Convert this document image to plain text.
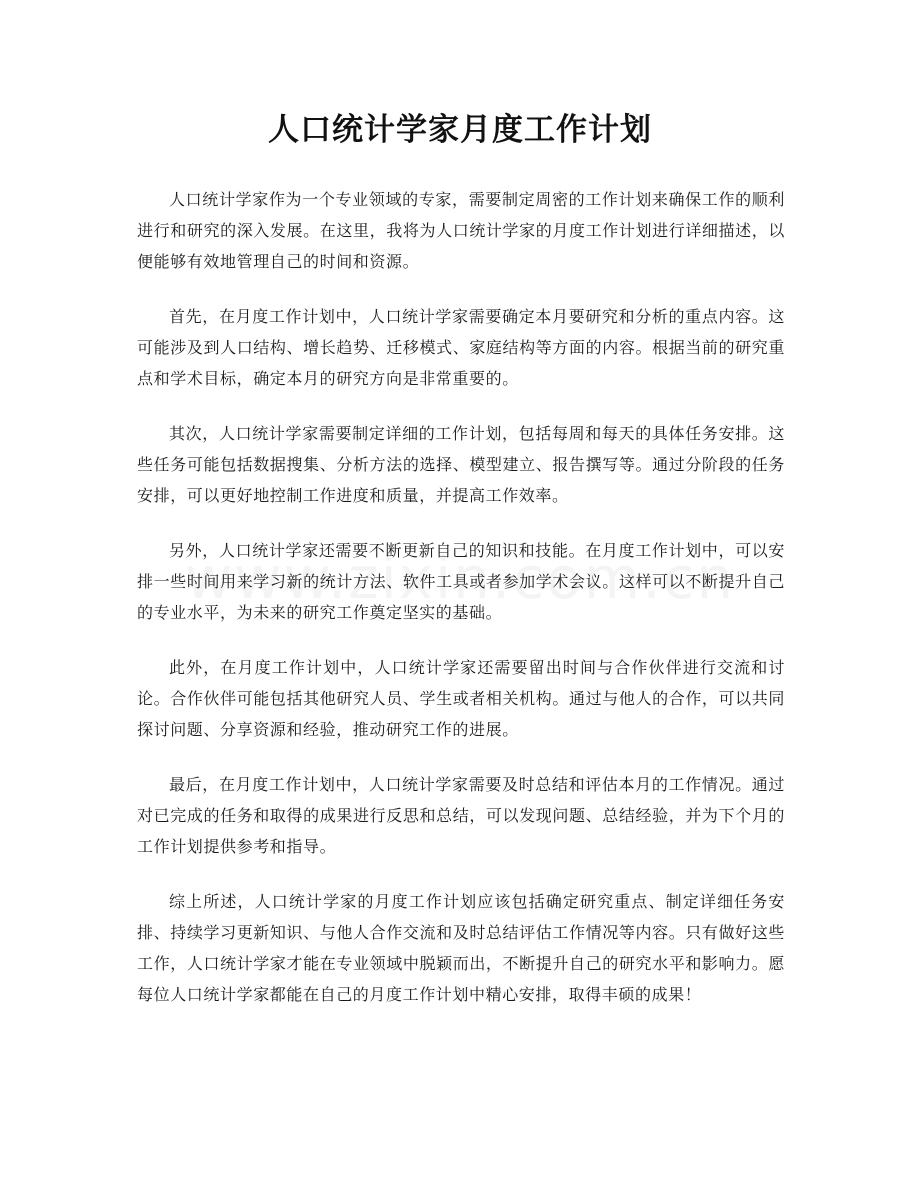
人口统计学家月度工作计划

人口统计学家作为一个专业领域的专家，需要制定周密的工作计划来确保工作的顺利进行和研究的深入发展。在这里，我将为人口统计学家的月度工作计划进行详细描述，以便能够有效地管理自己的时间和资源。

首先，在月度工作计划中，人口统计学家需要确定本月要研究和分析的重点内容。这可能涉及到人口结构、增长趋势、迁移模式、家庭结构等方面的内容。根据当前的研究重点和学术目标，确定本月的研究方向是非常重要的。

其次，人口统计学家需要制定详细的工作计划，包括每周和每天的具体任务安排。这些任务可能包括数据搜集、分析方法的选择、模型建立、报告撰写等。通过分阶段的任务安排，可以更好地控制工作进度和质量，并提高工作效率。

另外，人口统计学家还需要不断更新自己的知识和技能。在月度工作计划中，可以安排一些时间用来学习新的统计方法、软件工具或者参加学术会议。这样可以不断提升自己的专业水平，为未来的研究工作奠定坚实的基础。

此外，在月度工作计划中，人口统计学家还需要留出时间与合作伙伴进行交流和讨论。合作伙伴可能包括其他研究人员、学生或者相关机构。通过与他人的合作，可以共同探讨问题、分享资源和经验，推动研究工作的进展。

最后，在月度工作计划中，人口统计学家需要及时总结和评估本月的工作情况。通过对已完成的任务和取得的成果进行反思和总结，可以发现问题、总结经验，并为下个月的工作计划提供参考和指导。

综上所述，人口统计学家的月度工作计划应该包括确定研究重点、制定详细任务安排、持续学习更新知识、与他人合作交流和及时总结评估工作情况等内容。只有做好这些工作，人口统计学家才能在专业领域中脱颖而出，不断提升自己的研究水平和影响力。愿每位人口统计学家都能在自己的月度工作计划中精心安排，取得丰硕的成果！
